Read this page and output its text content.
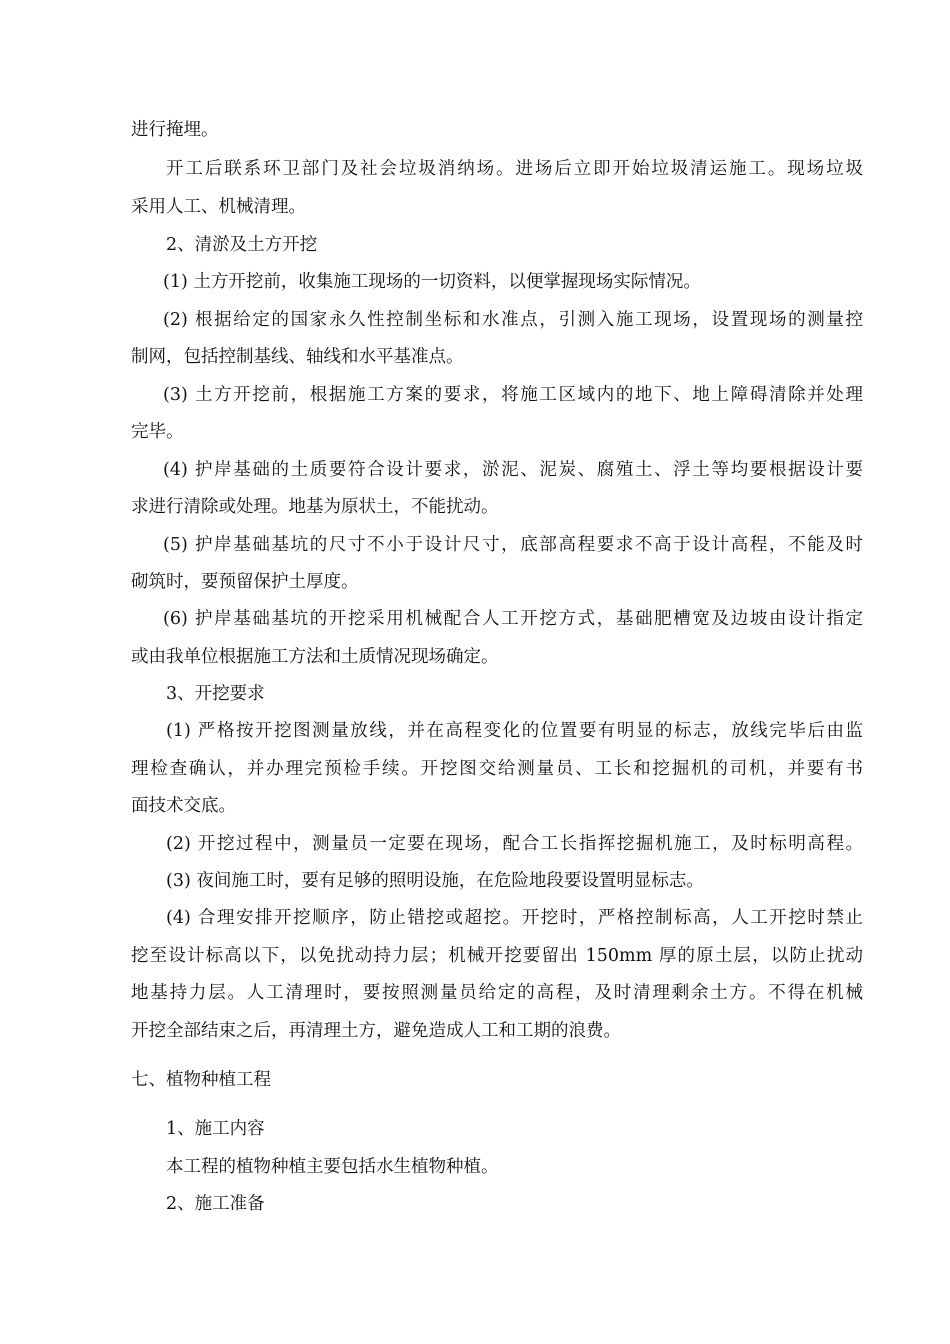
进行掩埋。

开工后联系环卫部门及社会垃圾消纳场。进场后立即开始垃圾清运施工。现场垃圾

采用人工、机械清理。

2、清淤及土方开挖

(1) 土方开挖前，收集施工现场的一切资料，以便掌握现场实际情况。

(2) 根据给定的国家永久性控制坐标和水准点，引测入施工现场，设置现场的测量控

制网，包括控制基线、轴线和水平基准点。

(3) 土方开挖前，根据施工方案的要求，将施工区域内的地下、地上障碍清除并处理

完毕。

(4) 护岸基础的土质要符合设计要求，淤泥、泥炭、腐殖土、浮土等均要根据设计要

求进行清除或处理。地基为原状土，不能扰动。

(5) 护岸基础基坑的尺寸不小于设计尺寸，底部高程要求不高于设计高程，不能及时

砌筑时，要预留保护土厚度。

(6) 护岸基础基坑的开挖采用机械配合人工开挖方式，基础肥槽宽及边坡由设计指定

或由我单位根据施工方法和土质情况现场确定。

3、开挖要求

(1) 严格按开挖图测量放线，并在高程变化的位置要有明显的标志，放线完毕后由监

理检查确认，并办理完预检手续。开挖图交给测量员、工长和挖掘机的司机，并要有书

面技术交底。

(2) 开挖过程中，测量员一定要在现场，配合工长指挥挖掘机施工，及时标明高程。

(3) 夜间施工时，要有足够的照明设施，在危险地段要设置明显标志。

(4) 合理安排开挖顺序，防止错挖或超挖。开挖时，严格控制标高，人工开挖时禁止

挖至设计标高以下，以免扰动持力层；机械开挖要留出 150mm 厚的原土层，以防止扰动

地基持力层。人工清理时，要按照测量员给定的高程，及时清理剩余土方。不得在机械

开挖全部结束之后，再清理土方，避免造成人工和工期的浪费。

七、植物种植工程

1、施工内容

本工程的植物种植主要包括水生植物种植。

2、施工准备
